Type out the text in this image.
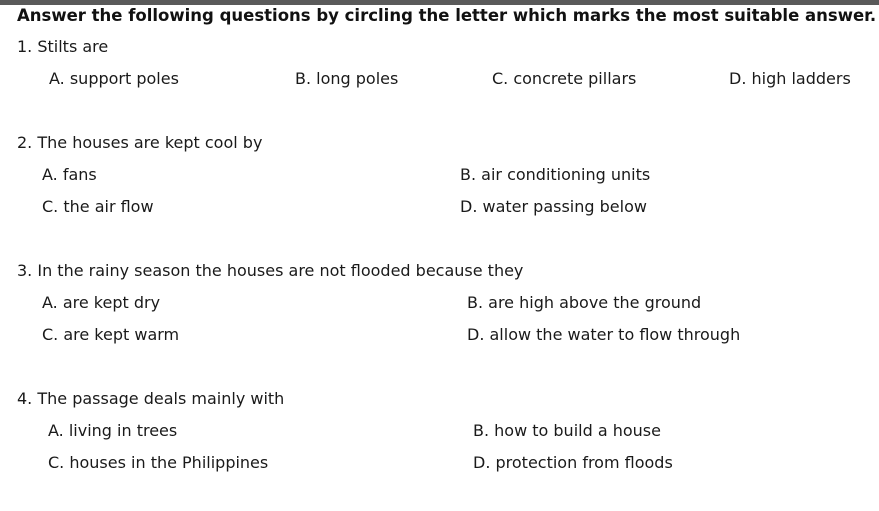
Answer the following questions by circling the letter which marks the most suitable answer.
1. Stilts are
A. support poles	B. long poles	C. concrete pillars	D. high ladders
2. The houses are kept cool by
A. fans	B. air conditioning units
C. the air flow	D. water passing below
3. In the rainy season the houses are not flooded because they
A. are kept dry	B. are high above the ground
C. are kept warm	D. allow the water to flow through
4. The passage deals mainly with
A. living in trees	B. how to build a house
C. houses in the Philippines	D. protection from floods
